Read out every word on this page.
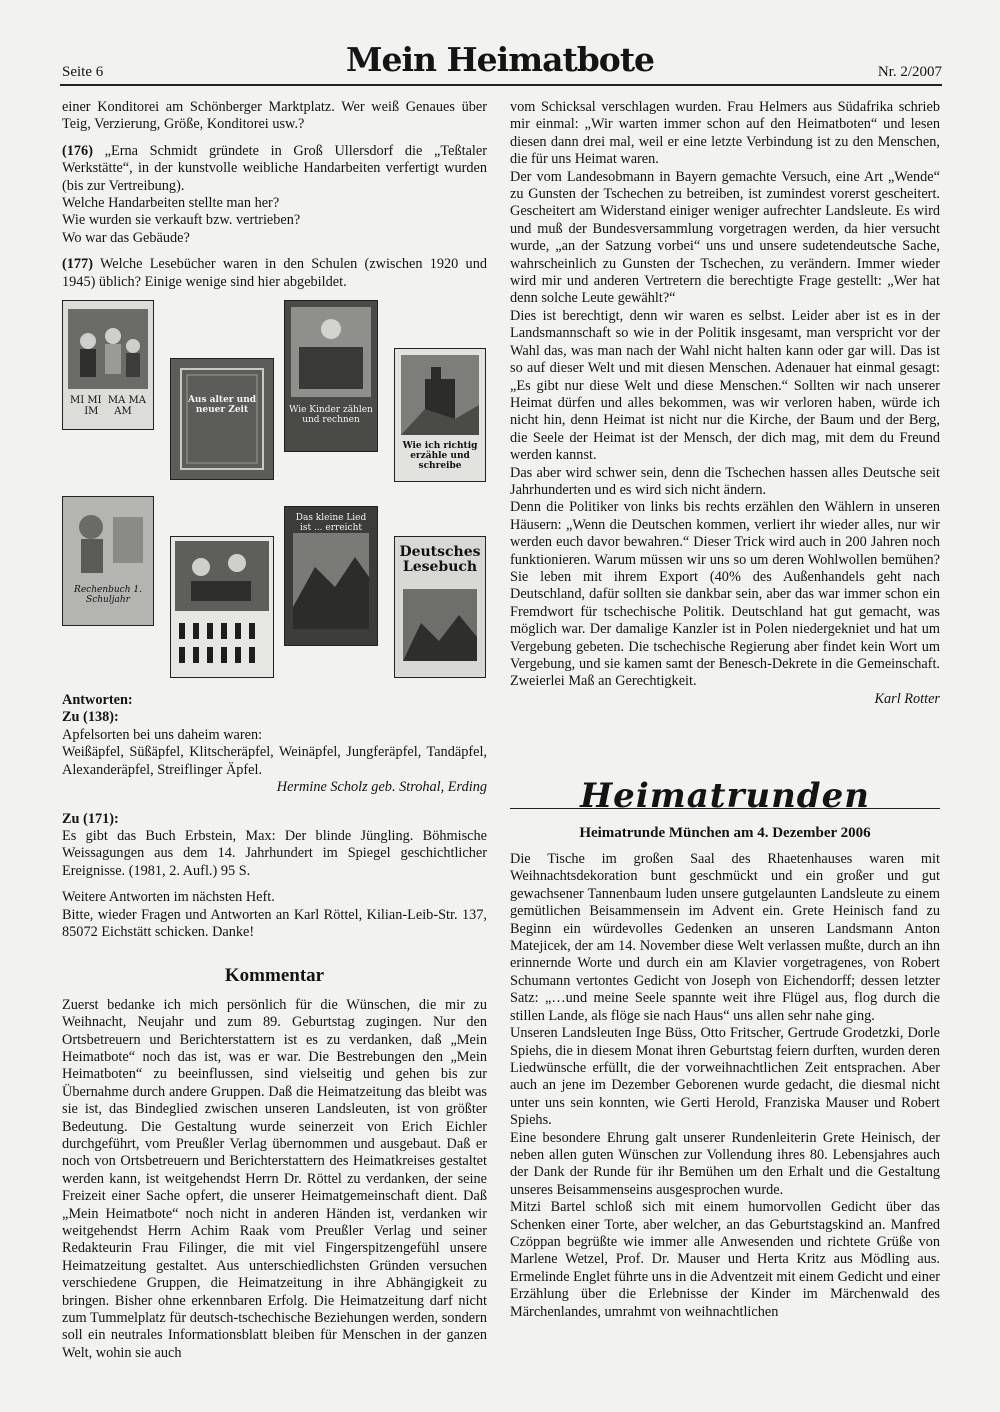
Seite 6	Mein Heimatbote	Nr. 2/2007

einer Konditorei am Schönberger Marktplatz. Wer weiß Genaues über Teig, Verzierung, Größe, Konditorei usw.?

(176) „Erna Schmidt gründete in Groß Ullersdorf die „Teßtaler Werkstätte“, in der kunstvolle weibliche Handarbeiten verfertigt wurden (bis zur Vertreibung).

Welche Handarbeiten stellte man her?

Wie wurden sie verkauft bzw. vertrieben?

Wo war das Gebäude?

(177) Welche Lesebücher waren in den Schulen (zwischen 1920 und 1945) üblich? Einige wenige sind hier abgebildet.

MI MI  MA MA
IM     AM
Aus alter und neuer Zeit	Wie Kinder zählen und rechnen
Wie ich richtig erzähle und schreibe
Rechenbuch 1. Schuljahr
Das kleine Lied ist ... erreicht
Deutsches Lesebuch

Antworten:

Zu (138):

Apfelsorten bei uns daheim waren:

Weißäpfel, Süßäpfel, Klitscheräpfel, Weinäpfel, Jungferäpfel, Tandäpfel, Alexanderäpfel, Streiflinger Äpfel.

Hermine Scholz geb. Strohal, Erding

Zu (171):

Es gibt das Buch Erbstein, Max: Der blinde Jüngling. Böhmische Weissagungen aus dem 14. Jahrhundert im Spiegel geschichtlicher Ereignisse. (1981, 2. Aufl.) 95 S.

Weitere Antworten im nächsten Heft.

Bitte, wieder Fragen und Antworten an Karl Röttel, Kilian-Leib-Str. 137, 85072 Eichstätt schicken. Danke!

Kommentar

Zuerst bedanke ich mich persönlich für die Wünschen, die mir zu Weihnacht, Neujahr und zum 89. Geburtstag zugingen. Nur den Ortsbetreuern und Berichterstattern ist es zu verdanken, daß „Mein Heimatbote“ noch das ist, was er war. Die Bestrebungen den „Mein Heimatboten“ zu beeinflussen, sind vielseitig und gehen bis zur Übernahme durch andere Gruppen. Daß die Heimatzeitung das bleibt was sie ist, das Bindeglied zwischen unseren Landsleuten, ist von größter Bedeutung. Die Gestaltung wurde seinerzeit von Erich Eichler durchgeführt, vom Preußler Verlag übernommen und ausgebaut. Daß er noch von Ortsbetreuern und Berichterstattern des Heimatkreises gestaltet werden kann, ist weitgehendst Herrn Dr. Röttel zu verdanken, der seine Freizeit einer Sache opfert, die unserer Heimatgemeinschaft dient. Daß „Mein Heimatbote“ noch nicht in anderen Händen ist, verdanken wir weitgehendst Herrn Achim Raak vom Preußler Verlag und seiner Redakteurin Frau Filinger, die mit viel Fingerspitzengefühl unsere Heimatzeitung gestaltet. Aus unterschiedlichsten Gründen versuchen verschiedene Gruppen, die Heimatzeitung in ihre Abhängigkeit zu bringen. Bisher ohne erkennbaren Erfolg. Die Heimatzeitung darf nicht zum Tummelplatz für deutsch-tschechische Beziehungen werden, sondern soll ein neutrales Informationsblatt bleiben für Menschen in der ganzen Welt, wohin sie auch

vom Schicksal verschlagen wurden. Frau Helmers aus Südafrika schrieb mir einmal: „Wir warten immer schon auf den Heimatboten“ und lesen diesen dann drei mal, weil er eine letzte Verbindung ist zu den Menschen, die für uns Heimat waren.

Der vom Landesobmann in Bayern gemachte Versuch, eine Art „Wende“ zu Gunsten der Tschechen zu betreiben, ist zumindest vorerst gescheitert. Gescheitert am Widerstand einiger weniger aufrechter Landsleute. Es wird und muß der Bundesversammlung vorgetragen werden, da hier versucht wurde, „an der Satzung vorbei“ uns und unsere sudetendeutsche Sache, wahrscheinlich zu Gunsten der Tschechen, zu verändern. Immer wieder wird mir und anderen Vertretern die berechtigte Frage gestellt: „Wer hat denn solche Leute gewählt?“

Dies ist berechtigt, denn wir waren es selbst. Leider aber ist es in der Landsmannschaft so wie in der Politik insgesamt, man verspricht vor der Wahl das, was man nach der Wahl nicht halten kann oder gar will. Das ist so auf dieser Welt und mit diesen Menschen. Adenauer hat einmal gesagt: „Es gibt nur diese Welt und diese Menschen.“ Sollten wir nach unserer Heimat dürfen und alles bekommen, was wir verloren haben, würde ich nicht hin, denn Heimat ist nicht nur die Kirche, der Baum und der Berg, die Seele der Heimat ist der Mensch, der dich mag, mit dem du Freund werden kannst.

Das aber wird schwer sein, denn die Tschechen hassen alles Deutsche seit Jahrhunderten und es wird sich nicht ändern.

Denn die Politiker von links bis rechts erzählen den Wählern in unseren Häusern: „Wenn die Deutschen kommen, verliert ihr wieder alles, nur wir werden euch davor bewahren.“ Dieser Trick wird auch in 200 Jahren noch funktionieren. Warum müssen wir uns so um deren Wohlwollen bemühen? Sie leben mit ihrem Export (40% des Außenhandels geht nach Deutschland, dafür sollten sie dankbar sein, aber das war immer schon ein Fremdwort für tschechische Politik. Deutschland hat gut gemacht, was möglich war. Der damalige Kanzler ist in Polen niedergekniet und hat um Vergebung gebeten. Die tschechische Regierung aber findet kein Wort um Vergebung, und sie kamen samt der Benesch-Dekrete in die Gemeinschaft. Zweierlei Maß an Gerechtigkeit.

Karl Rotter

Heimatrunden
Heimatrunde München am 4. Dezember 2006

Die Tische im großen Saal des Rhaetenhauses waren mit Weihnachtsdekoration bunt geschmückt und ein großer und gut gewachsener Tannenbaum luden unsere gutgelaunten Landsleute zu einem gemütlichen Beisammensein im Advent ein. Grete Heinisch fand zu Beginn ein würdevolles Gedenken an unseren Landsmann Anton Matejicek, der am 14. November diese Welt verlassen mußte, durch an ihn erinnernde Worte und durch ein am Klavier vorgetragenes, von Robert Schumann vertontes Gedicht von Joseph von Eichendorff; dessen letzter Satz: „…und meine Seele spannte weit ihre Flügel aus, flog durch die stillen Lande, als flöge sie nach Haus“ uns allen sehr nahe ging.

Unseren Landsleuten Inge Büss, Otto Fritscher, Gertrude Grodetzki, Dorle Spiehs, die in diesem Monat ihren Geburtstag feiern durften, wurden deren Liedwünsche erfüllt, die der vorweihnachtlichen Zeit entsprachen. Aber auch an jene im Dezember Geborenen wurde gedacht, die diesmal nicht unter uns sein konnten, wie Gerti Herold, Franziska Mauser und Robert Spiehs.

Eine besondere Ehrung galt unserer Rundenleiterin Grete Heinisch, der neben allen guten Wünschen zur Vollendung ihres 80. Lebensjahres auch der Dank der Runde für ihr Bemühen um den Erhalt und die Gestaltung unseres Beisammenseins ausgesprochen wurde.

Mitzi Bartel schloß sich mit einem humorvollen Gedicht über das Schenken einer Torte, aber welcher, an das Geburtstagskind an. Manfred Czöppan begrüßte wie immer alle Anwesenden und richtete Grüße von Marlene Wetzel, Prof. Dr. Mauser und Herta Kritz aus Mödling aus. Ermelinde Englet führte uns in die Adventzeit mit einem Gedicht und einer Erzählung über die Erlebnisse der Kinder im Märchenwald des Märchenlandes, umrahmt von weihnachtlichen
